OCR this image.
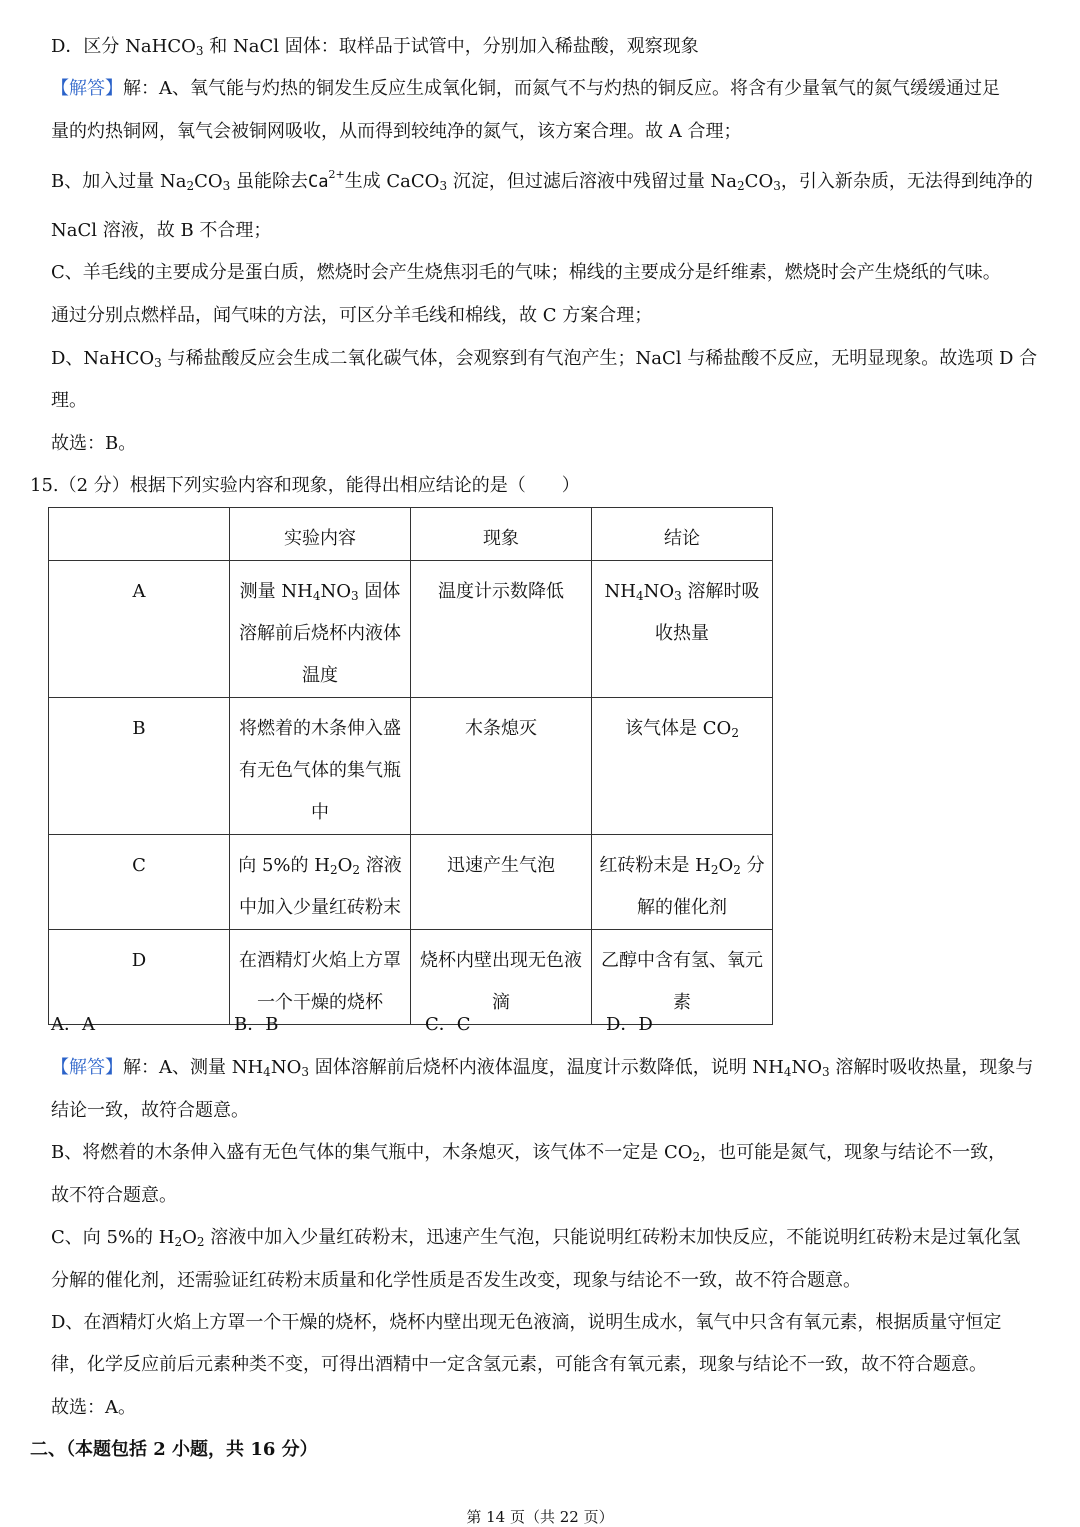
D．区分 NaHCO$_3$ 和 NaCl 固体：取样品于试管中，分别加入稀盐酸，观察现象
【解答】解：A、氧气能与灼热的铜发生反应生成氧化铜，而氮气不与灼热的铜反应。将含有少量氧气的氮气缓缓通过足
量的灼热铜网，氧气会被铜网吸收，从而得到较纯净的氮气，该方案合理。故 A 合理；
B、加入过量 $Na_2CO_3$ 虽能除去$Ca^{2+}$生成 CaCO$_3$ 沉淀，但过滤后溶液中残留过量 $Na_2CO_3$，引入新杂质，无法得到纯净的
NaCl 溶液，故 B 不合理；
C、羊毛线的主要成分是蛋白质，燃烧时会产生烧焦羽毛的气味；棉线的主要成分是纤维素，燃烧时会产生烧纸的气味。
通过分别点燃样品，闻气味的方法，可区分羊毛线和棉线，故 C 方案合理；
D、NaHCO$_3$ 与稀盐酸反应会生成二氧化碳气体，会观察到有气泡产生；NaCl 与稀盐酸不反应，无明显现象。故选项 D 合
理。
故选：B。
15.（2 分）根据下列实验内容和现象，能得出相应结论的是（　　）
	实验内容	现象	结论
A	测量 $NH_4NO_3$ 固体溶解前后烧杯内液体温度	温度计示数降低	$NH_4NO_3$ 溶解时吸收热量
B	将燃着的木条伸入盛有无色气体的集气瓶中	木条熄灭	该气体是 $CO_2$
C	向 5%的 $H_2O_2$ 溶液中加入少量红砖粉末	迅速产生气泡	红砖粉末是 $H_2O_2$ 分解的催化剂
D	在酒精灯火焰上方罩一个干燥的烧杯	烧杯内壁出现无色液滴	乙醇中含有氢、氧元素
A．A	B．B	C．C	D．D
【解答】解：A、测量 $NH_4NO_3$ 固体溶解前后烧杯内液体温度，温度计示数降低，说明 $NH_4NO_3$ 溶解时吸收热量，现象与
结论一致，故符合题意。
B、将燃着的木条伸入盛有无色气体的集气瓶中，木条熄灭，该气体不一定是 $CO_2$，也可能是氮气，现象与结论不一致，
故不符合题意。
C、向 5%的 $H_2O_2$ 溶液中加入少量红砖粉末，迅速产生气泡，只能说明红砖粉末加快反应，不能说明红砖粉末是过氧化氢
分解的催化剂，还需验证红砖粉末质量和化学性质是否发生改变，现象与结论不一致，故不符合题意。
D、在酒精灯火焰上方罩一个干燥的烧杯，烧杯内壁出现无色液滴，说明生成水，氧气中只含有氧元素，根据质量守恒定
律，化学反应前后元素种类不变，可得出酒精中一定含氢元素，可能含有氧元素，现象与结论不一致，故不符合题意。
故选：A。
二、（本题包括 2 小题，共 16 分）
第 14 页（共 22 页）
